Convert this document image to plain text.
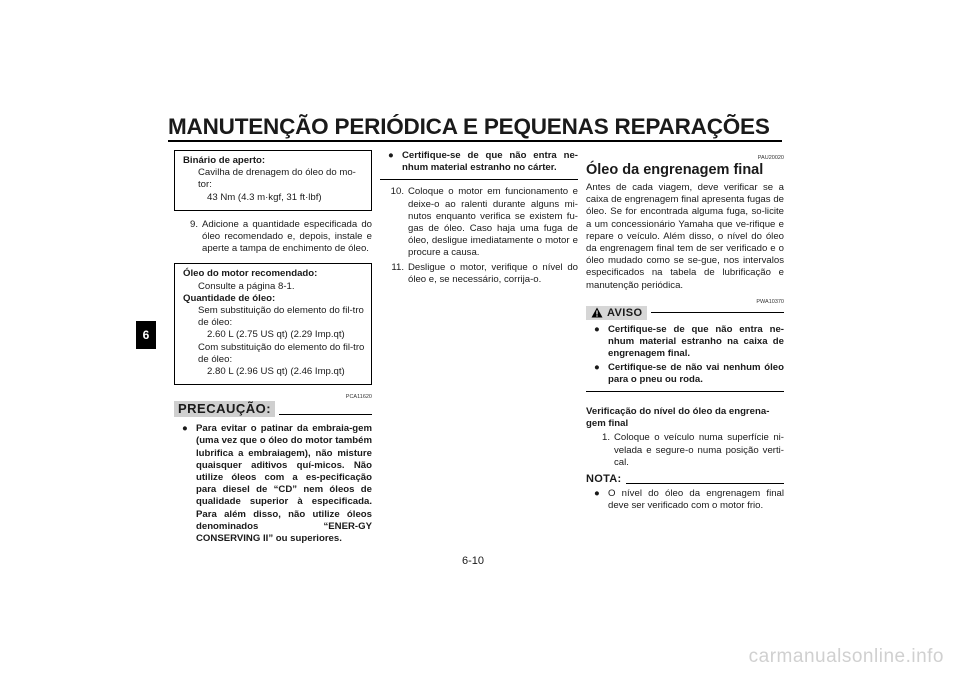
MANUTENÇÃO PERIÓDICA E PEQUENAS REPARAÇÕES
6
Binário de aperto:
Cavilha de drenagem do óleo do mo-tor:
43 Nm (4.3 m·kgf, 31 ft·lbf)
9. Adicione a quantidade especificada do óleo recomendado e, depois, instale e aperte a tampa de enchimento de óleo.
Óleo do motor recomendado:
Consulte a página 8-1.
Quantidade de óleo:
Sem substituição do elemento do fil-tro de óleo:
2.60 L (2.75 US qt) (2.29 Imp.qt)
Com substituição do elemento do fil-tro de óleo:
2.80 L (2.96 US qt) (2.46 Imp.qt)
PCA11620
PRECAUÇÃO:
● Para evitar o patinar da embraia-gem (uma vez que o óleo do motor também lubrifica a embraiagem), não misture quaisquer aditivos quí-micos. Não utilize óleos com a es-pecificação para diesel de “CD” nem óleos de qualidade superior à especificada. Para além disso, não utilize óleos denominados “ENER-GY CONSERVING II” ou superiores.
● Certifique-se de que não entra ne-nhum material estranho no cárter.
10. Coloque o motor em funcionamento e deixe-o ao ralenti durante alguns mi-nutos enquanto verifica se existem fu-gas de óleo. Caso haja uma fuga de óleo, desligue imediatamente o motor e procure a causa.
11. Desligue o motor, verifique o nível do óleo e, se necessário, corrija-o.
PAU20020
Óleo da engrenagem final
Antes de cada viagem, deve verificar se a caixa de engrenagem final apresenta fugas de óleo. Se for encontrada alguma fuga, so-licite a um concessionário Yamaha que ve-rifique e repare o veículo. Além disso, o nível do óleo da engrenagem final tem de ser verificado e o óleo mudado como se se-gue, nos intervalos especificados na tabela de lubrificação e manutenção periódica.
PWA10370
AVISO
● Certifique-se de que não entra ne-nhum material estranho na caixa de engrenagem final.
● Certifique-se de não vai nenhum óleo para o pneu ou roda.
Verificação do nível do óleo da engrena-gem final
1. Coloque o veículo numa superfície ni-velada e segure-o numa posição verti-cal.
NOTA:
● O nível do óleo da engrenagem final deve ser verificado com o motor frio.
6-10
carmanualsonline.info
